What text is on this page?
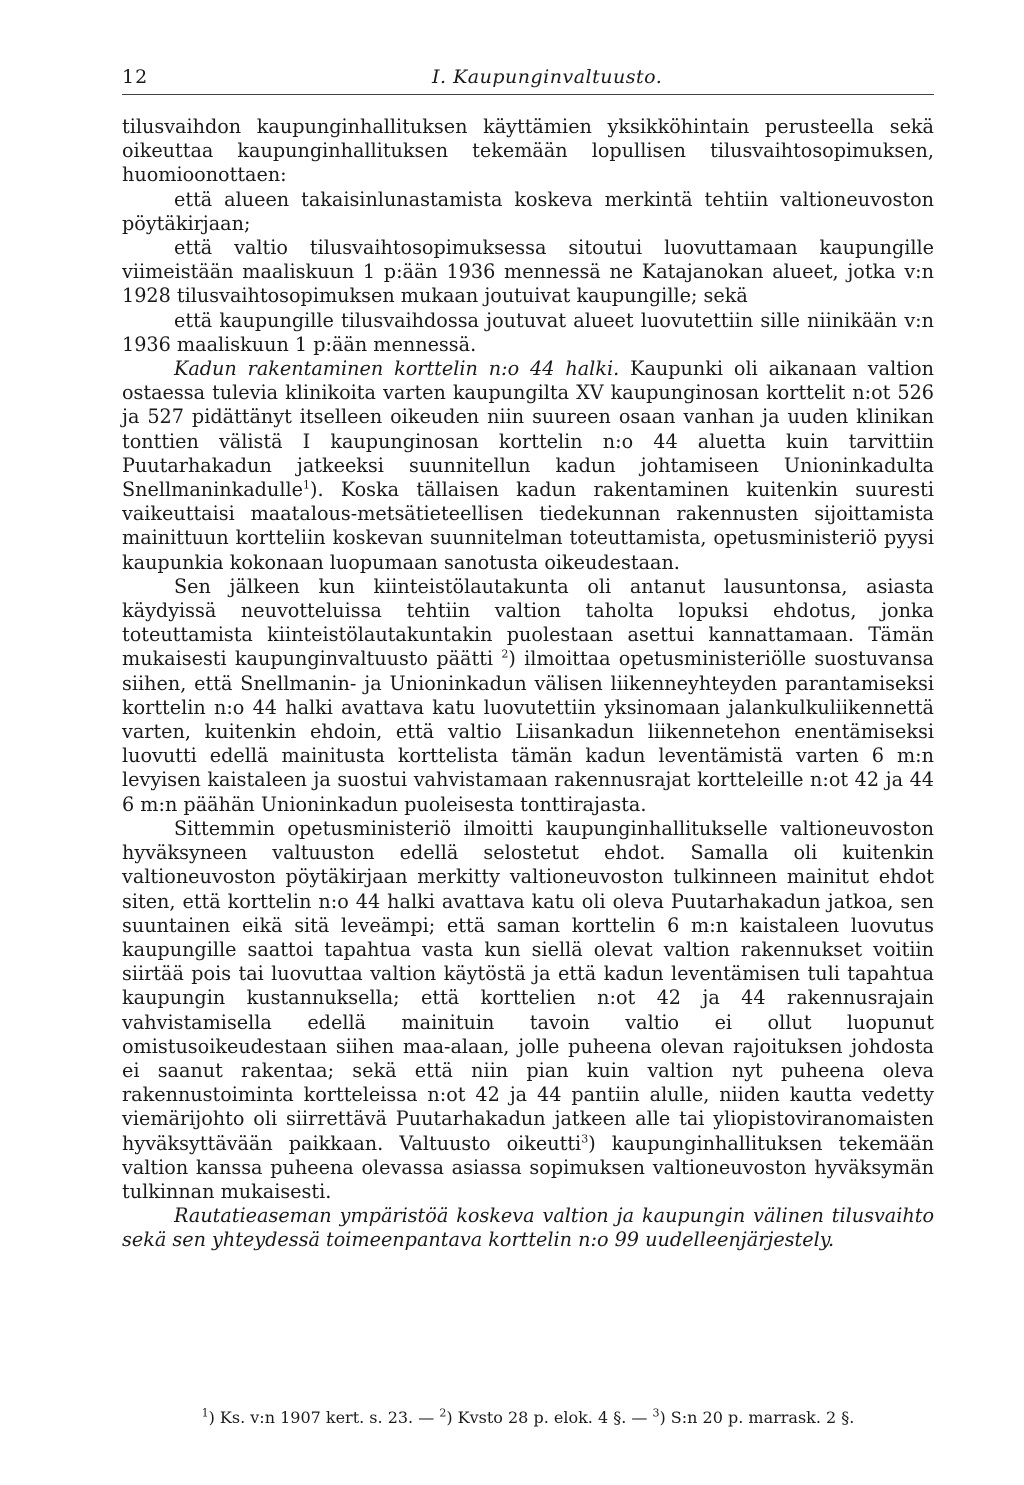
12	I. Kaupunginvaltuusto.

tilusvaihdon kaupunginhallituksen käyttämien yksikköhintain perusteella sekä oikeuttaa kaupunginhallituksen tekemään lopullisen tilusvaihtosopimuksen, huomioonottaen:

että alueen takaisinlunastamista koskeva merkintä tehtiin valtioneuvoston pöytäkirjaan;

että valtio tilusvaihtosopimuksessa sitoutui luovuttamaan kaupungille viimeistään maaliskuun 1 p:ään 1936 mennessä ne Katajanokan alueet, jotka v:n 1928 tilusvaihtosopimuksen mukaan joutuivat kaupungille; sekä

että kaupungille tilusvaihdossa joutuvat alueet luovutettiin sille niinikään v:n 1936 maaliskuun 1 p:ään mennessä.

Kadun rakentaminen korttelin n:o 44 halki. Kaupunki oli aikanaan valtion ostaessa tulevia klinikoita varten kaupungilta XV kaupunginosan korttelit n:ot 526 ja 527 pidättänyt itselleen oikeuden niin suureen osaan vanhan ja uuden klinikan tonttien välistä I kaupunginosan korttelin n:o 44 aluetta kuin tarvittiin Puutarhakadun jatkeeksi suunnitellun kadun johtamiseen Unioninkadulta Snellmaninkadulle$^1$). Koska tällaisen kadun rakentaminen kuitenkin suuresti vaikeuttaisi maatalous-metsätieteellisen tiedekunnan rakennusten sijoittamista mainittuun kortteliin koskevan suunnitelman toteuttamista, opetusministeriö pyysi kaupunkia kokonaan luopumaan sanotusta oikeudestaan.

Sen jälkeen kun kiinteistölautakunta oli antanut lausuntonsa, asiasta käydyissä neuvotteluissa tehtiin valtion taholta lopuksi ehdotus, jonka toteuttamista kiinteistölautakuntakin puolestaan asettui kannattamaan. Tämän mukaisesti kaupunginvaltuusto päätti $^2$) ilmoittaa opetusministeriölle suostuvansa siihen, että Snellmanin- ja Unioninkadun välisen liikenneyhteyden parantamiseksi korttelin n:o 44 halki avattava katu luovutettiin yksinomaan jalankulkuliikennettä varten, kuitenkin ehdoin, että valtio Liisankadun liikennetehon enentämiseksi luovutti edellä mainitusta korttelista tämän kadun leventämistä varten 6 m:n levyisen kaistaleen ja suostui vahvistamaan rakennusrajat kortteleille n:ot 42 ja 44 6 m:n päähän Unioninkadun puoleisesta tonttirajasta.

Sittemmin opetusministeriö ilmoitti kaupunginhallitukselle valtioneuvoston hyväksyneen valtuuston edellä selostetut ehdot. Samalla oli kuitenkin valtioneuvoston pöytäkirjaan merkitty valtioneuvoston tulkinneen mainitut ehdot siten, että korttelin n:o 44 halki avattava katu oli oleva Puutarhakadun jatkoa, sen suuntainen eikä sitä leveämpi; että saman korttelin 6 m:n kaistaleen luovutus kaupungille saattoi tapahtua vasta kun siellä olevat valtion rakennukset voitiin siirtää pois tai luovuttaa valtion käytöstä ja että kadun leventämisen tuli tapahtua kaupungin kustannuksella; että korttelien n:ot 42 ja 44 rakennusrajain vahvistamisella edellä mainituin tavoin valtio ei ollut luopunut omistusoikeudestaan siihen maa-alaan, jolle puheena olevan rajoituksen johdosta ei saanut rakentaa; sekä että niin pian kuin valtion nyt puheena oleva rakennustoiminta kortteleissa n:ot 42 ja 44 pantiin alulle, niiden kautta vedetty viemärijohto oli siirrettävä Puutarhakadun jatkeen alle tai yliopistoviranomaisten hyväksyttävään paikkaan. Valtuusto oikeutti$^3$) kaupunginhallituksen tekemään valtion kanssa puheena olevassa asiassa sopimuksen valtioneuvoston hyväksymän tulkinnan mukaisesti.

Rautatieaseman ympäristöä koskeva valtion ja kaupungin välinen tilusvaihto sekä sen yhteydessä toimeenpantava korttelin n:o 99 uudelleenjärjestely.

$^1$) Ks. v:n 1907 kert. s. 23. — $^2$) Kvsto 28 p. elok. 4 §. — $^3$) S:n 20 p. marrask. 2 §.
